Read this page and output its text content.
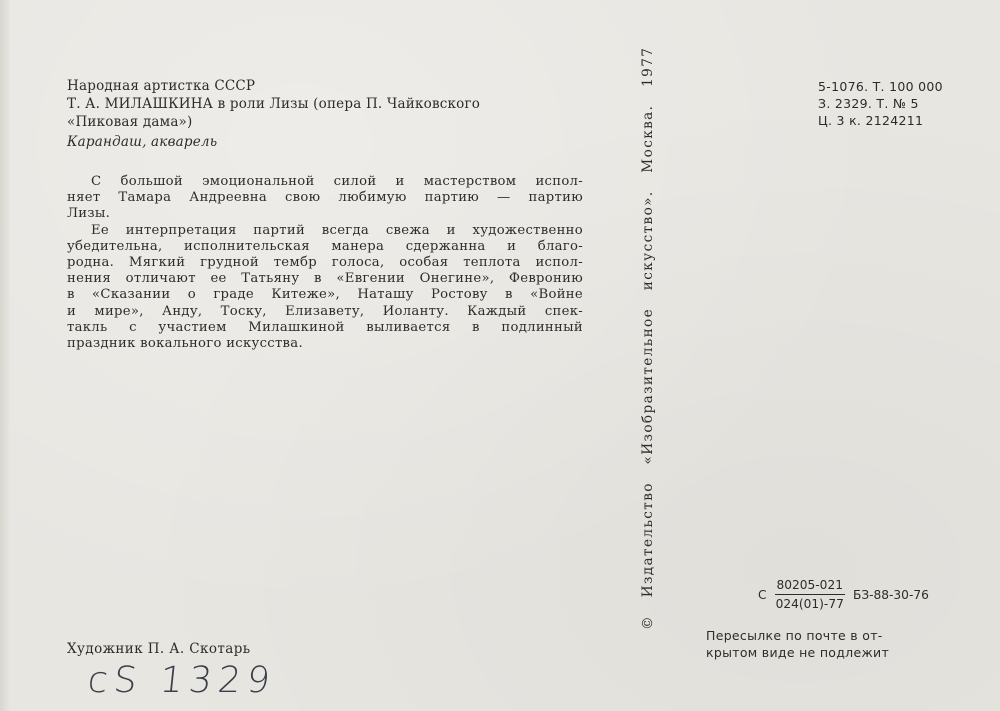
Народная артистка СССР
Т. А. МИЛАШКИНА в роли Лизы (опера П. Чайковского
«Пиковая дама»)
Карандаш, акварель
С большой эмоциональной силой и мастерством испол-
няет Тамара Андреевна свою любимую партию — партию
Лизы.
Ее интерпретация партий всегда свежа и художественно
убедительна, исполнительская манера сдержанна и благо-
родна. Мягкий грудной тембр голоса, особая теплота испол-
нения отличают ее Татьяну в «Евгении Онегине», Февронию
в «Сказании о граде Китеже», Наташу Ростову в «Войне
и мире», Анду, Тоску, Елизавету, Иоланту. Каждый спек-
такль с участием Милашкиной выливается в подлинный
праздник вокального искусства.	© Издательство «Изобразительное искусство». Москва. 1977	5-1076. Т. 100 000
З. 2329. Т. № 5
Ц. 3 к. 2124211
С $\frac{80205-021}{024(01)-77} БЗ-88-30-76$
Пересылке по почте в от-
крытом виде не подлежит
Художник П. А. Скотарь
cS 1329
